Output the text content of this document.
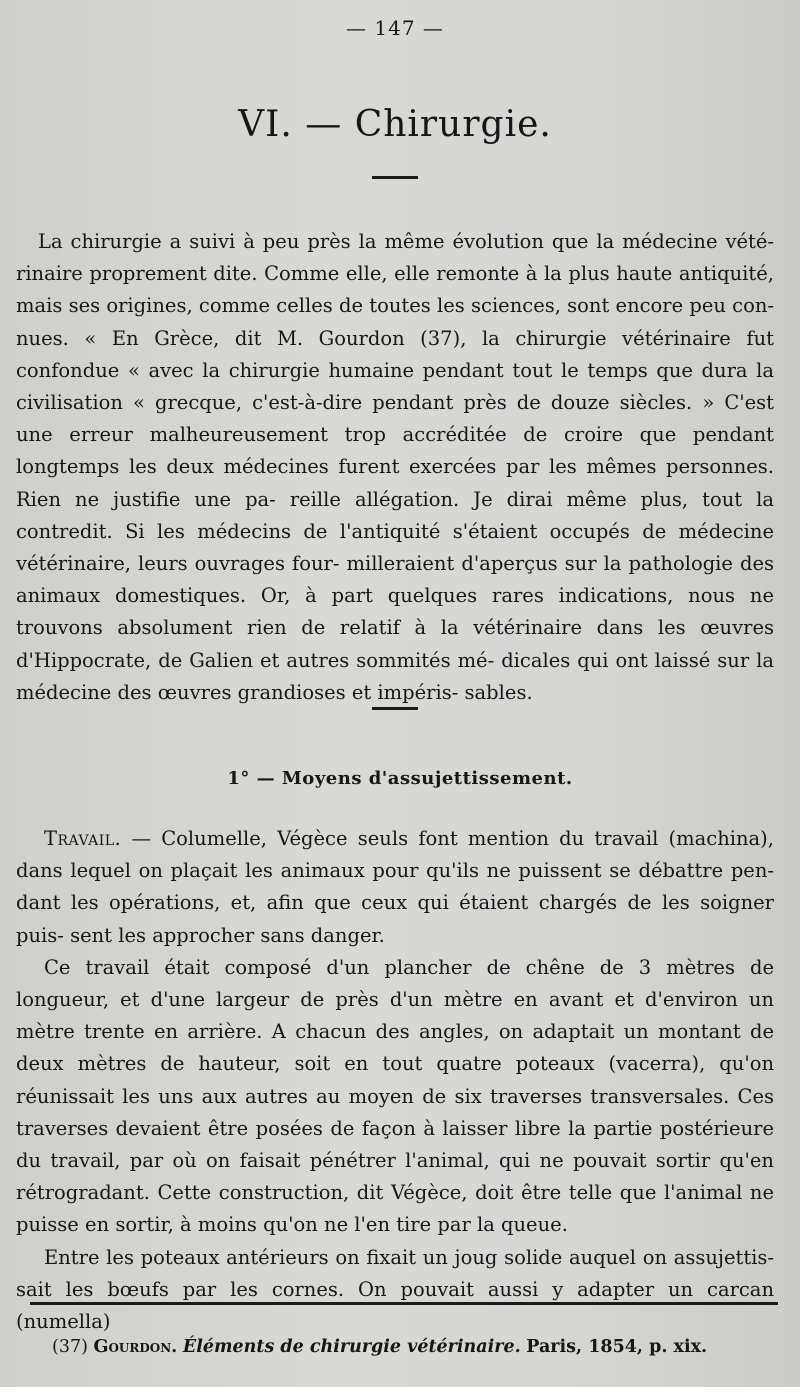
— 147 —
VI. — Chirurgie.

La chirurgie a suivi à peu près la même évolution que la médecine vété- rinaire proprement dite. Comme elle, elle remonte à la plus haute antiquité, mais ses origines, comme celles de toutes les sciences, sont encore peu con- nues. « En Grèce, dit M. Gourdon (37), la chirurgie vétérinaire fut confondue « avec la chirurgie humaine pendant tout le temps que dura la civilisation « grecque, c'est-à-dire pendant près de douze siècles. » C'est une erreur malheureusement trop accréditée de croire que pendant longtemps les deux médecines furent exercées par les mêmes personnes. Rien ne justifie une pa- reille allégation. Je dirai même plus, tout la contredit. Si les médecins de l'antiquité s'étaient occupés de médecine vétérinaire, leurs ouvrages four- milleraient d'aperçus sur la pathologie des animaux domestiques. Or, à part quelques rares indications, nous ne trouvons absolument rien de relatif à la vétérinaire dans les œuvres d'Hippocrate, de Galien et autres sommités mé- dicales qui ont laissé sur la médecine des œuvres grandioses et impéris- sables.

1° — Moyens d'assujettissement.

Travail. — Columelle, Végèce seuls font mention du travail (machina), dans lequel on plaçait les animaux pour qu'ils ne puissent se débattre pen- dant les opérations, et, afin que ceux qui étaient chargés de les soigner puis- sent les approcher sans danger.

Ce travail était composé d'un plancher de chêne de 3 mètres de longueur, et d'une largeur de près d'un mètre en avant et d'environ un mètre trente en arrière. A chacun des angles, on adaptait un montant de deux mètres de hauteur, soit en tout quatre poteaux (vacerra), qu'on réunissait les uns aux autres au moyen de six traverses transversales. Ces traverses devaient être posées de façon à laisser libre la partie postérieure du travail, par où on faisait pénétrer l'animal, qui ne pouvait sortir qu'en rétrogradant. Cette construction, dit Végèce, doit être telle que l'animal ne puisse en sortir, à moins qu'on ne l'en tire par la queue.

Entre les poteaux antérieurs on fixait un joug solide auquel on assujettis- sait les bœufs par les cornes. On pouvait aussi y adapter un carcan (numella)

(37) Gourdon. Éléments de chirurgie vétérinaire. Paris, 1854, p. xix.
